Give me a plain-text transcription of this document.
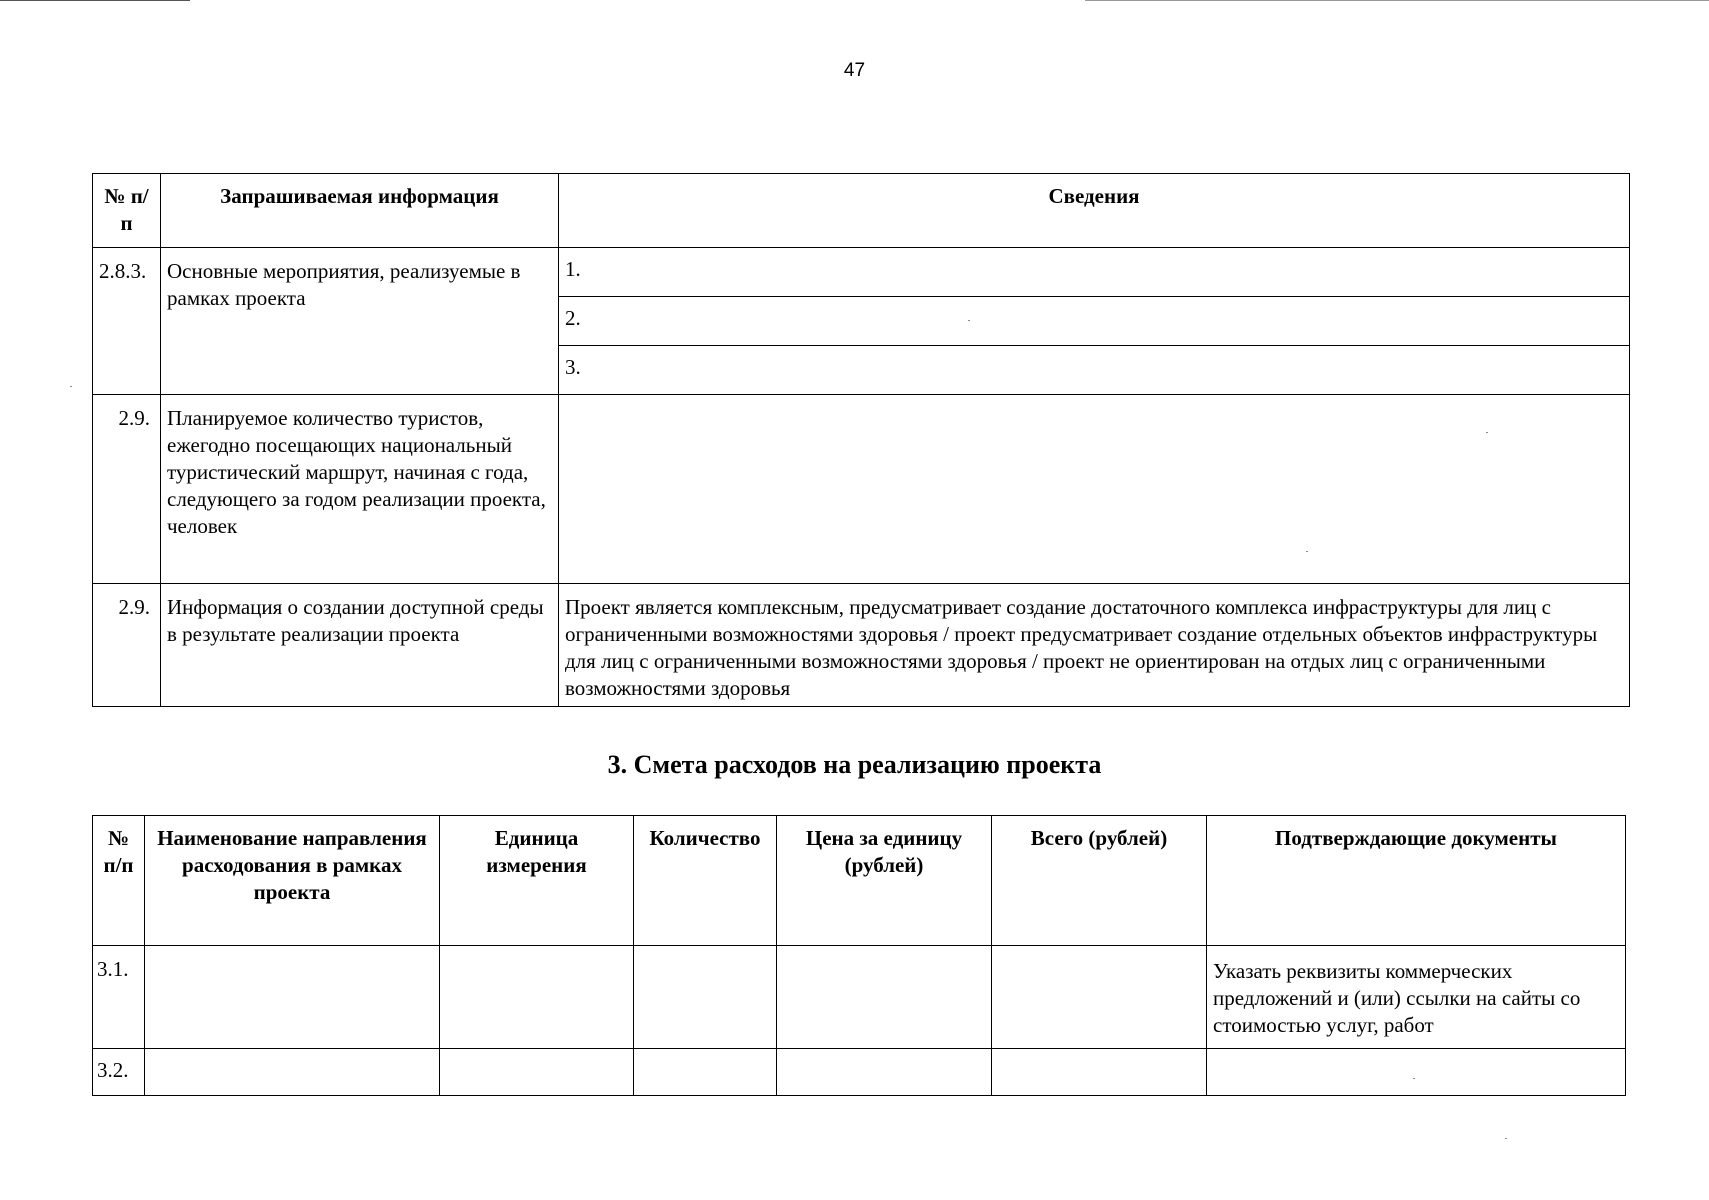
47
№ п/п	Запрашиваемая информация	Сведения
2.8.3.	Основные мероприятия, реализуемые в рамках проекта	1.
		2.
		3.
2.9.	Планируемое количество туристов, ежегодно посещающих национальный туристический маршрут, начиная с года, следующего за годом реализации проекта, человек	
2.9.	Информация о создании доступной среды в результате реализации проекта	Проект является комплексным, предусматривает создание достаточного комплекса инфраструктуры для лиц с ограниченными возможностями здоровья / проект предусматривает создание отдельных объектов инфраструктуры для лиц с ограниченными возможностями здоровья / проект не ориентирован на отдых лиц с ограниченными возможностями здоровья
3. Смета расходов на реализацию проекта
№ п/п	Наименование направления расходования в рамках проекта	Единица измерения	Количество	Цена за единицу (рублей)	Всего (рублей)	Подтверждающие документы
3.1.						Указать реквизиты коммерческих предложений и (или) ссылки на сайты со стоимостью услуг, работ
3.2.						
